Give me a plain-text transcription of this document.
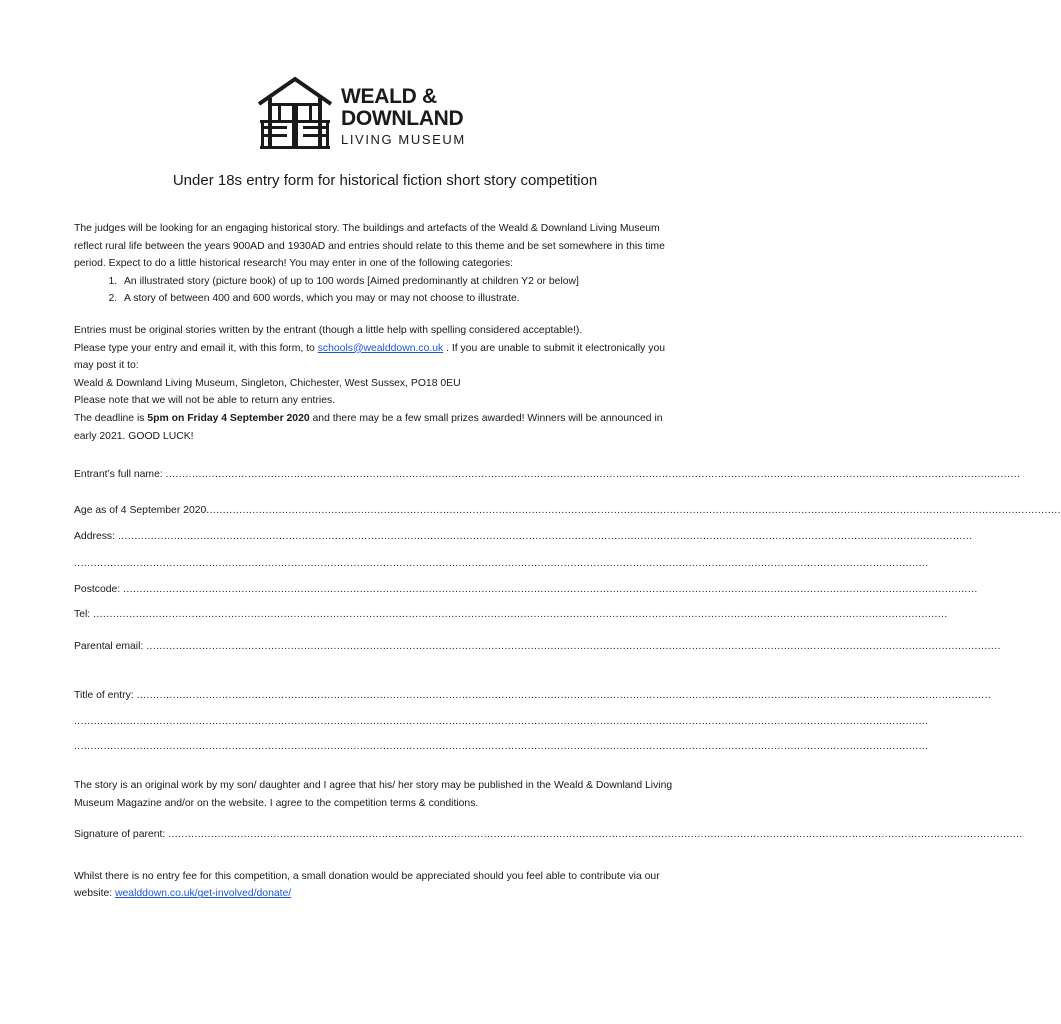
WEALD &
DOWNLAND
LIVING MUSEUM
Under 18s entry form for historical fiction short story competition

The judges will be looking for an engaging historical story. The buildings and artefacts of the Weald & Downland Living Museum reflect rural life between the years 900AD and 1930AD and entries should relate to this theme and be set somewhere in this time period. Expect to do a little historical research! You may enter in one of the following categories:

1. An illustrated story (picture book) of up to 100 words [Aimed predominantly at children Y2 or below]
2. A story of between 400 and 600 words, which you may or may not choose to illustrate.

Entries must be original stories written by the entrant (though a little help with spelling considered acceptable!).
Please type your entry and email it, with this form, to schools@wealddown.co.uk . If you are unable to submit it electronically you may post it to:
Weald & Downland Living Museum, Singleton, Chichester, West Sussex, PO18 0EU
Please note that we will not be able to return any entries.
The deadline is 5pm on Friday 4 September 2020 and there may be a few small prizes awarded! Winners will be announced in early 2021. GOOD LUCK!

Entrant’s full name: ....................................................................................................................................................................................................................................................................
Age as of 4 September 2020....................................................................................................................................................................................................................................................................
Address: ....................................................................................................................................................................................................................................................................
....................................................................................................................................................................................................................................................................
Postcode: ....................................................................................................................................................................................................................................................................
Tel: ....................................................................................................................................................................................................................................................................
Parental email: ....................................................................................................................................................................................................................................................................
Title of entry: ....................................................................................................................................................................................................................................................................
....................................................................................................................................................................................................................................................................
....................................................................................................................................................................................................................................................................

The story is an original work by my son/ daughter and I agree that his/ her story may be published in the Weald & Downland Living Museum Magazine and/or on the website. I agree to the competition terms & conditions.

Signature of parent: ....................................................................................................................................................................................................................................................................

Whilst there is no entry fee for this competition, a small donation would be appreciated should you feel able to contribute via our website: wealddown.co.uk/get-involved/donate/
